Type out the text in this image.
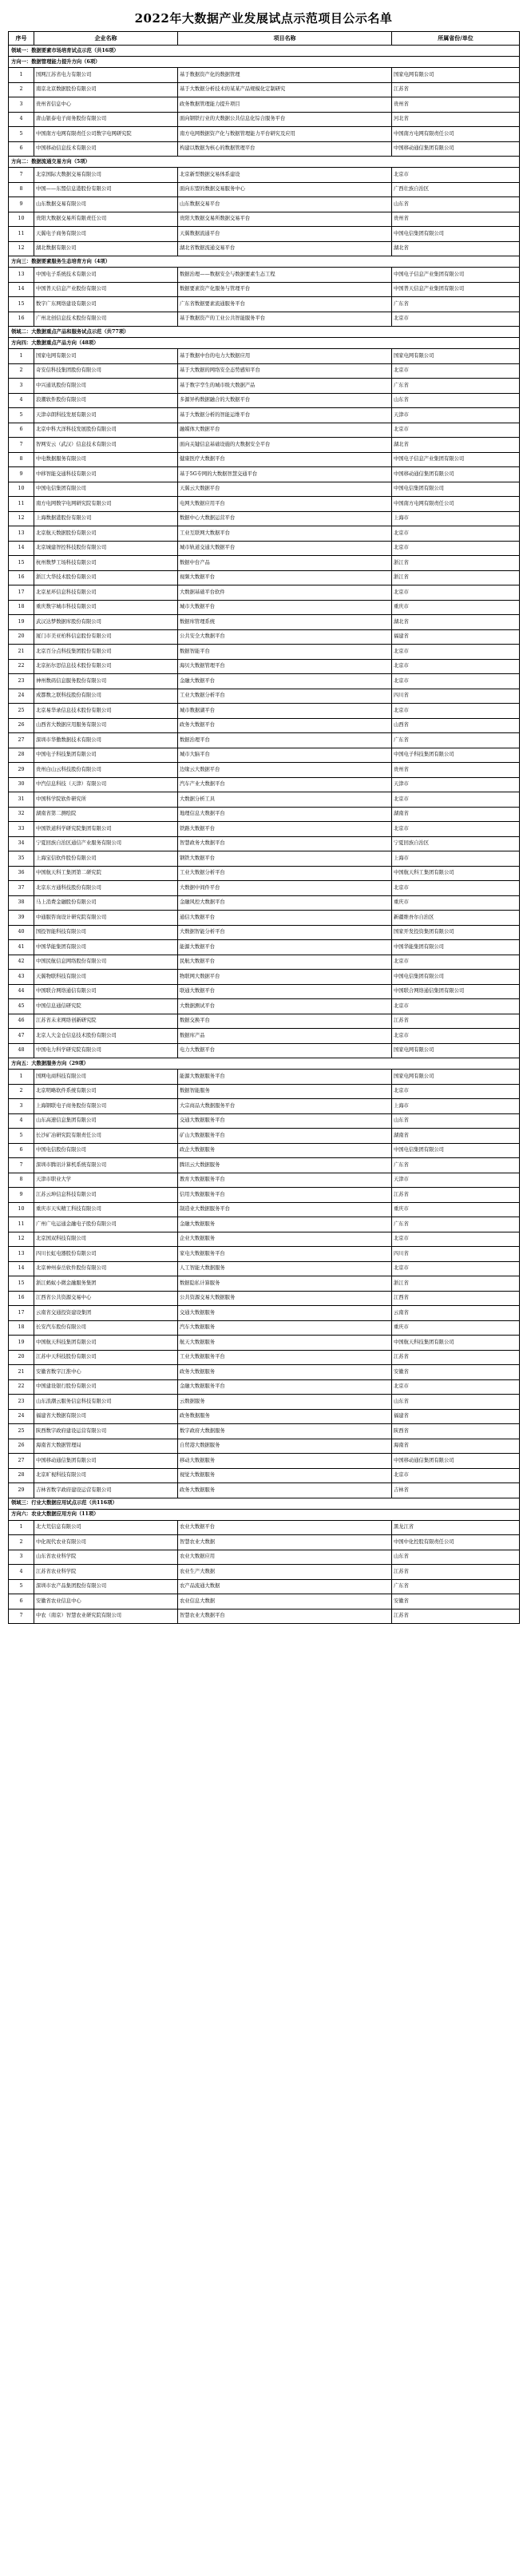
2022年大数据产业发展试点示范项目公示名单
序号	企业名称	项目名称	所属省份/单位
领域一：数据要素市场培育试点示范（共16项）			
方向一：数据管理能力提升方向（6项）			
1	国网江苏省电力有限公司	基于数据资产化的数据管理	国家电网有限公司
2	南京北京数据股份有限公司	基于大数据分析技术的某某产品规模化定制研究	江苏省
3	贵州省信息中心	政务数据管理能力提升项目	贵州省
4	唐山银泰电子商务股份有限公司	面向钢铁行业的大数据公共信息化综合服务平台	河北省
5	中国南方电网有限责任公司数字电网研究院	南方电网数据资产化与数据管理能力平台研究及应用	中国南方电网有限责任公司
6	中国移动信息技术有限公司	构建以数据为核心的数据管理平台	中国移动通信集团有限公司
方向二：数据流通交易方向（5项）			
7	北京国际大数据交易有限公司	北京新型数据交易体系建设	北京市
8	中国——东盟信息港股份有限公司	面向东盟的数据交易服务中心	广西壮族自治区
9	山东数据交易有限公司	山东数据交易平台	山东省
10	贵阳大数据交易所有限责任公司	贵阳大数据交易所数据交易平台	贵州省
11	天翼电子商务有限公司	天翼数据流通平台	中国电信集团有限公司
12	湖北数据有限公司	湖北省数据流通交易平台	湖北省
方向三：数据要素服务生态培育方向（4项）			
13	中国电子系统技术有限公司	数据治理——数据安全与数据要素生态工程	中国电子信息产业集团有限公司
14	中国普天信息产业股份有限公司	数据要素资产化服务与管理平台	中国普天信息产业集团有限公司
15	数字广东网络建设有限公司	广东省数据要素流通服务平台	广东省
16	广州北创信息技术股份有限公司	基于数据资产的工业公共智能服务平台	北京市
领域二：大数据重点产品和服务试点示范（共77项）			
方向四：大数据重点产品方向（48项）			
1	国家电网有限公司	基于数据中台的电力大数据应用	国家电网有限公司
2	奇安信科技集团股份有限公司	基于大数据的网络安全态势感知平台	北京市
3	中兴通讯股份有限公司	基于数字孪生的城市级大数据产品	广东省
4	浪潮软件股份有限公司	多源异构数据融合的大数据平台	山东省
5	天津卓朗科技发展有限公司	基于大数据分析的智能运维平台	天津市
6	北京中科大洋科技发展股份有限公司	融媒体大数据平台	北京市
7	智网安云（武汉）信息技术有限公司	面向关键信息基础设施的大数据安全平台	湖北省
8	中电数据服务有限公司	健康医疗大数据平台	中国电子信息产业集团有限公司
9	中移智能交通科技有限公司	基于5G专网的大数据智慧交通平台	中国移动通信集团有限公司
10	中国电信集团有限公司	天翼云大数据平台	中国电信集团有限公司
11	南方电网数字电网研究院有限公司	电网大数据应用平台	中国南方电网有限责任公司
12	上海数据港股份有限公司	数据中心大数据运营平台	上海市
13	北京航天数据股份有限公司	工业互联网大数据平台	北京市
14	北京城建智控科技股份有限公司	城市轨道交通大数据平台	北京市
15	杭州数梦工场科技有限公司	数据中台产品	浙江省
16	浙江大华技术股份有限公司	视频大数据平台	浙江省
17	北京星环信息科技有限公司	大数据基础平台软件	北京市
18	重庆数字城市科技有限公司	城市大数据平台	重庆市
19	武汉达梦数据库股份有限公司	数据库管理系统	湖北省
20	厦门市美亚柏科信息股份有限公司	公共安全大数据平台	福建省
21	北京百分点科技集团股份有限公司	数据智能平台	北京市
22	北京拓尔思信息技术股份有限公司	海贝大数据管理平台	北京市
23	神州数码信息服务股份有限公司	金融大数据平台	北京市
24	成都数之联科技股份有限公司	工业大数据分析平台	四川省
25	北京易华录信息技术股份有限公司	城市数据湖平台	北京市
26	山西省大数据应用服务有限公司	政务大数据平台	山西省
27	深圳市华傲数据技术有限公司	数据治理平台	广东省
28	中国电子科技集团有限公司	城市大脑平台	中国电子科技集团有限公司
29	贵州白山云科技股份有限公司	边缘云大数据平台	贵州省
30	中汽信息科技（天津）有限公司	汽车产业大数据平台	天津市
31	中国科学院软件研究所	大数据分析工具	北京市
32	湖南省第二测绘院	地理信息大数据平台	湖南省
33	中国铁道科学研究院集团有限公司	铁路大数据平台	北京市
34	宁夏回族自治区通信产业服务有限公司	智慧政务大数据平台	宁夏回族自治区
35	上海宝信软件股份有限公司	钢铁大数据平台	上海市
36	中国航天科工集团第二研究院	工业大数据分析平台	中国航天科工集团有限公司
37	北京东方通科技股份有限公司	大数据中间件平台	北京市
38	马上消费金融股份有限公司	金融风控大数据平台	重庆市
39	中通服咨询设计研究院有限公司	通信大数据平台	新疆维吾尔自治区
40	国投智能科技有限公司	大数据智能分析平台	国家开发投资集团有限公司
41	中国华能集团有限公司	能源大数据平台	中国华能集团有限公司
42	中国民航信息网络股份有限公司	民航大数据平台	北京市
43	天翼物联科技有限公司	物联网大数据平台	中国电信集团有限公司
44	中国联合网络通信有限公司	联通大数据平台	中国联合网络通信集团有限公司
45	中国信息通信研究院	大数据测试平台	北京市
46	江苏省未来网络创新研究院	数据交换平台	江苏省
47	北京人大金仓信息技术股份有限公司	数据库产品	北京市
48	中国电力科学研究院有限公司	电力大数据平台	国家电网有限公司
方向五：大数据服务方向（29项）			
1	国网电商科技有限公司	能源大数据服务平台	国家电网有限公司
2	北京明略软件系统有限公司	数据智能服务	北京市
3	上海钢联电子商务股份有限公司	大宗商品大数据服务平台	上海市
4	山东高速信息集团有限公司	交通大数据服务平台	山东省
5	长沙矿冶研究院有限责任公司	矿山大数据服务平台	湖南省
6	中国电信股份有限公司	政企大数据服务	中国电信集团有限公司
7	深圳市腾讯计算机系统有限公司	腾讯云大数据服务	广东省
8	天津市职业大学	教育大数据服务平台	天津市
9	江苏云坤信息科技有限公司	信用大数据服务平台	江苏省
10	重庆市天实精工科技有限公司	制造业大数据服务平台	重庆市
11	广州广电运通金融电子股份有限公司	金融大数据服务	广东省
12	北京国双科技有限公司	企业大数据服务	北京市
13	四川长虹电器股份有限公司	家电大数据服务平台	四川省
14	北京神州泰岳软件股份有限公司	人工智能大数据服务	北京市
15	浙江蚂蚁小微金融服务集团	数据隐私计算服务	浙江省
16	江西省公共资源交易中心	公共资源交易大数据服务	江西省
17	云南省交通投资建设集团	交通大数据服务	云南省
18	长安汽车股份有限公司	汽车大数据服务	重庆市
19	中国航天科技集团有限公司	航天大数据服务	中国航天科技集团有限公司
20	江苏中天科技股份有限公司	工业大数据服务平台	江苏省
21	安徽省数字江淮中心	政务大数据服务	安徽省
22	中国建设银行股份有限公司	金融大数据服务平台	北京市
23	山东浪潮云服务信息科技有限公司	云数据服务	山东省
24	福建省大数据有限公司	政务数据服务	福建省
25	陕西数字政府建设运营有限公司	数字政府大数据服务	陕西省
26	海南省大数据管理局	自贸港大数据服务	海南省
27	中国移动通信集团有限公司	移动大数据服务	中国移动通信集团有限公司
28	北京旷视科技有限公司	视觉大数据服务	北京市
29	吉林省数字政府建设运营有限公司	政务大数据服务	吉林省
领域三：行业大数据应用试点示范（共116项）			
方向六：农业大数据应用方向（11项）			
1	北大荒信息有限公司	农业大数据平台	黑龙江省
2	中化现代农业有限公司	智慧农业大数据	中国中化控股有限责任公司
3	山东省农业科学院	农业大数据应用	山东省
4	江苏省农业科学院	农业生产大数据	江苏省
5	深圳市农产品集团股份有限公司	农产品流通大数据	广东省
6	安徽省农业信息中心	农业信息大数据	安徽省
7	中农（南京）智慧农业研究院有限公司	智慧农业大数据平台	江苏省
